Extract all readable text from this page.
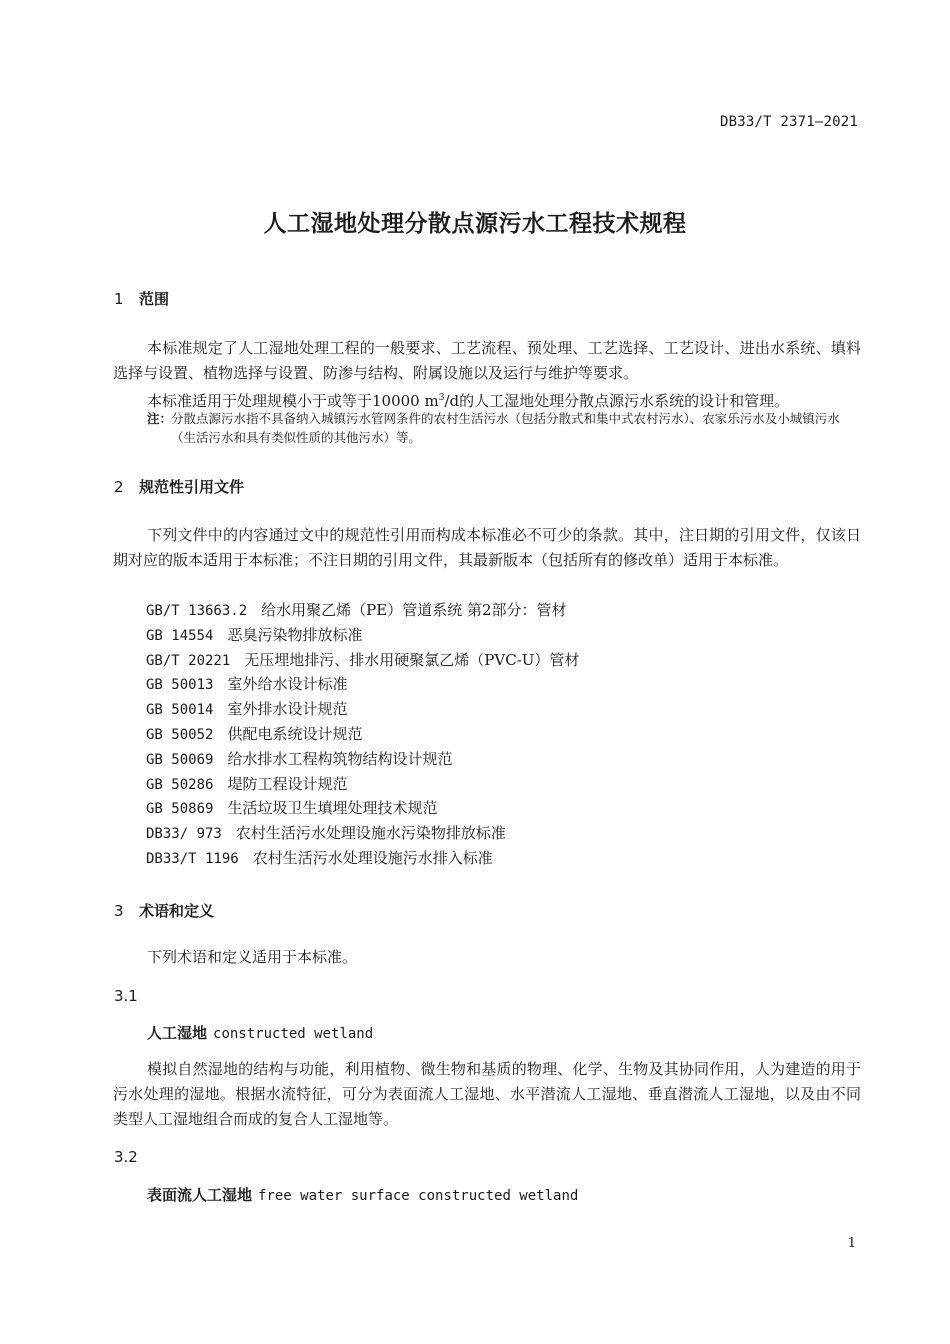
DB33/T 2371—2021
人工湿地处理分散点源污水工程技术规程
1 范围
本标准规定了人工湿地处理工程的一般要求、工艺流程、预处理、工艺选择、工艺设计、进出水系统、填料选择与设置、植物选择与设置、防渗与结构、附属设施以及运行与维护等要求。
本标准适用于处理规模小于或等于10000 $m^3/d$的人工湿地处理分散点源污水系统的设计和管理。
注：
分散点源污水指不具备纳入城镇污水管网条件的农村生活污水（包括分散式和集中式农村污水）、农家乐污水及小城镇污水（生活污水和具有类似性质的其他污水）等。
2 规范性引用文件
下列文件中的内容通过文中的规范性引用而构成本标准必不可少的条款。其中，注日期的引用文件，仅该日期对应的版本适用于本标准；不注日期的引用文件，其最新版本（包括所有的修改单）适用于本标准。
GB/T 13663.2 给水用聚乙烯（PE）管道系统 第2部分：管材
GB 14554 恶臭污染物排放标准
GB/T 20221 无压埋地排污、排水用硬聚氯乙烯（PVC-U）管材
GB 50013 室外给水设计标准
GB 50014 室外排水设计规范
GB 50052 供配电系统设计规范
GB 50069 给水排水工程构筑物结构设计规范
GB 50286 堤防工程设计规范
GB 50869 生活垃圾卫生填埋处理技术规范
DB33/ 973 农村生活污水处理设施水污染物排放标准
DB33/T 1196 农村生活污水处理设施污水排入标准
3 术语和定义
下列术语和定义适用于本标准。
3.1
人工湿地 constructed wetland
模拟自然湿地的结构与功能，利用植物、微生物和基质的物理、化学、生物及其协同作用，人为建造的用于污水处理的湿地。根据水流特征，可分为表面流人工湿地、水平潜流人工湿地、垂直潜流人工湿地，以及由不同类型人工湿地组合而成的复合人工湿地等。
3.2
表面流人工湿地 free water surface constructed wetland
1
